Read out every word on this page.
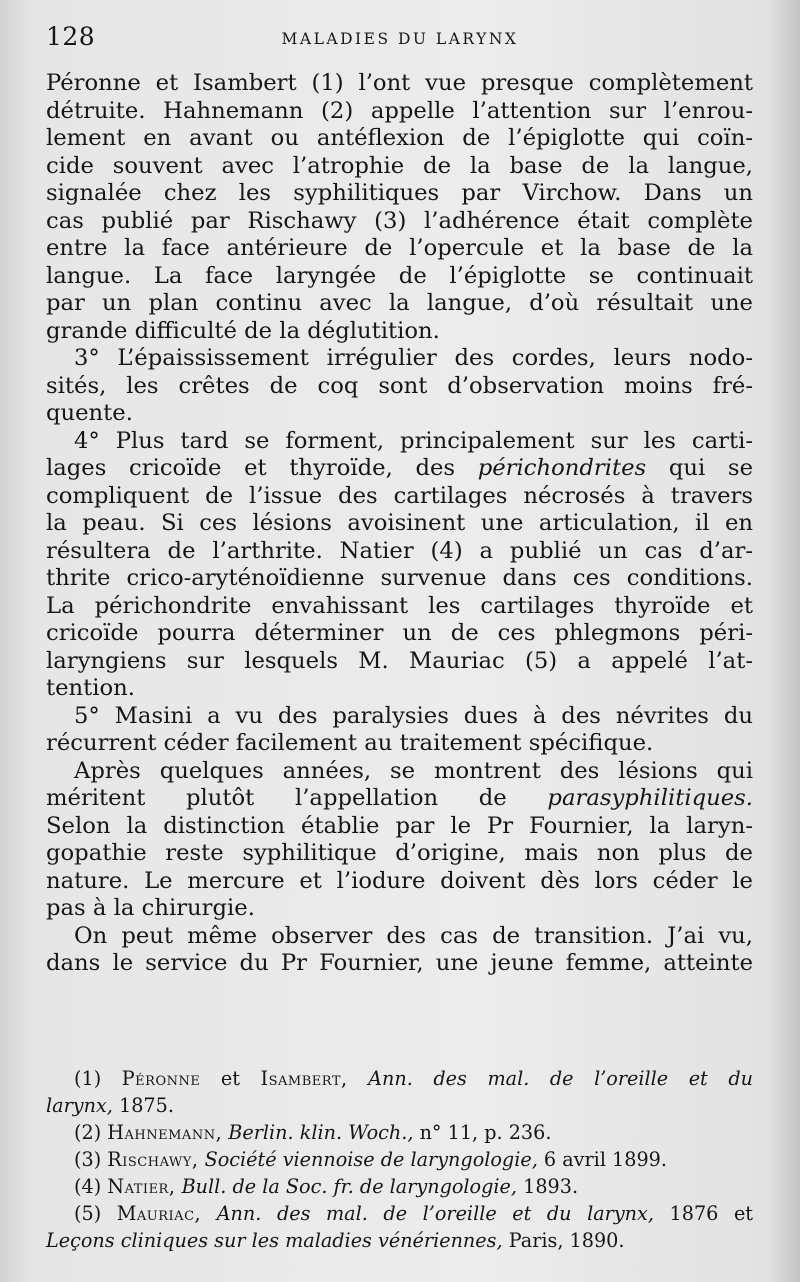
128	MALADIES DU LARYNX

Péronne et Isambert (1) l’ont vue presque complètement
détruite. Hahnemann (2) appelle l’attention sur l’enrou-
lement en avant ou antéflexion de l’épiglotte qui coïn-
cide souvent avec l’atrophie de la base de la langue,
signalée chez les syphilitiques par Virchow. Dans un
cas publié par Rischawy (3) l’adhérence était complète
entre la face antérieure de l’opercule et la base de la
langue. La face laryngée de l’épiglotte se continuait
par un plan continu avec la langue, d’où résultait une
grande difficulté de la déglutition.

3° L’épaississement irrégulier des cordes, leurs nodo-
sités, les crêtes de coq sont d’observation moins fré-
quente.

4° Plus tard se forment, principalement sur les carti-
lages cricoïde et thyroïde, des périchondrites qui se
compliquent de l’issue des cartilages nécrosés à travers
la peau. Si ces lésions avoisinent une articulation, il en
résultera de l’arthrite. Natier (4) a publié un cas d’ar-
thrite crico-aryténoïdienne survenue dans ces conditions.
La périchondrite envahissant les cartilages thyroïde et
cricoïde pourra déterminer un de ces phlegmons péri-
laryngiens sur lesquels M. Mauriac (5) a appelé l’at-
tention.

5° Masini a vu des paralysies dues à des névrites du
récurrent céder facilement au traitement spécifique.

Après quelques années, se montrent des lésions qui
méritent plutôt l’appellation de parasyphilitiques.
Selon la distinction établie par le Pr Fournier, la laryn-
gopathie reste syphilitique d’origine, mais non plus de
nature. Le mercure et l’iodure doivent dès lors céder le
pas à la chirurgie.

On peut même observer des cas de transition. J’ai vu,
dans le service du Pr Fournier, une jeune femme, atteinte

(1) Péronne et Isambert, Ann. des mal. de l’oreille et du
larynx, 1875.

(2) Hahnemann, Berlin. klin. Woch., n° 11, p. 236.

(3) Rischawy, Société viennoise de laryngologie, 6 avril 1899.

(4) Natier, Bull. de la Soc. fr. de laryngologie, 1893.

(5) Mauriac, Ann. des mal. de l’oreille et du larynx, 1876 et
Leçons cliniques sur les maladies vénériennes, Paris, 1890.
